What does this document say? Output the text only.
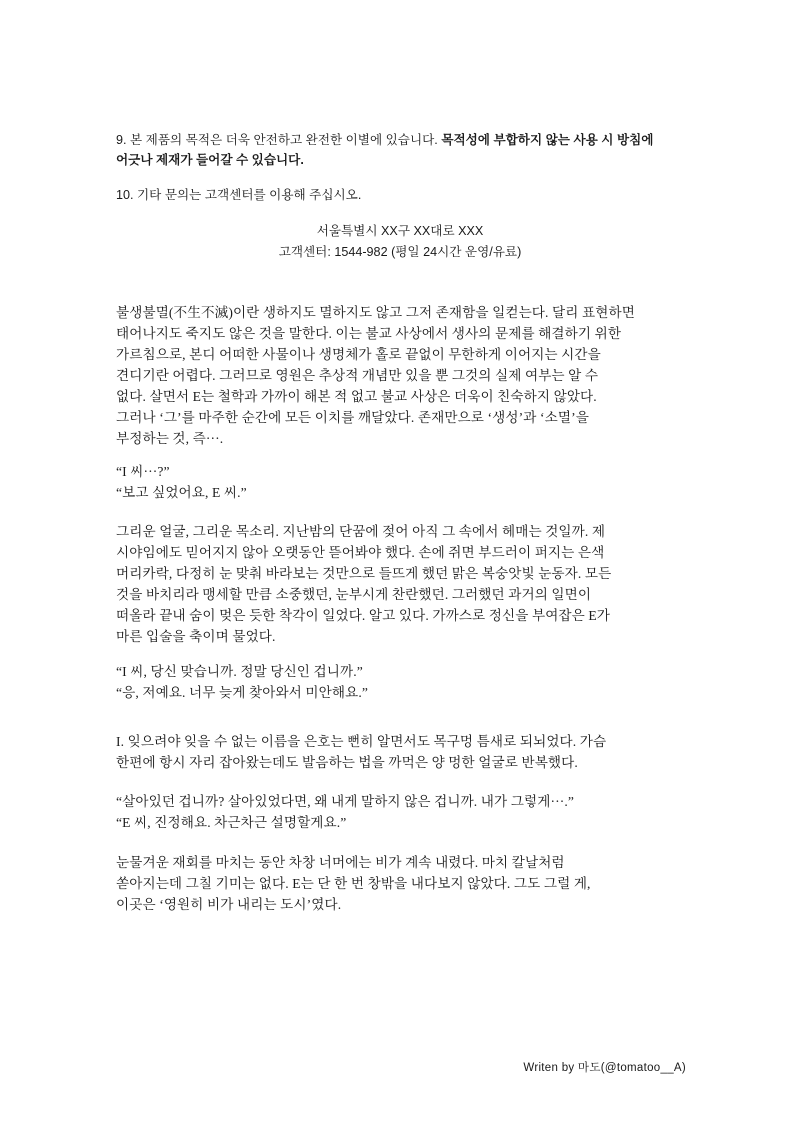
9. 본 제품의 목적은 더욱 안전하고 완전한 이별에 있습니다. 목적성에 부합하지 않는 사용 시 방침에
어긋나 제재가 들어갈 수 있습니다.

10. 기타 문의는 고객센터를 이용해 주십시오.

서울특별시 XX구 XX대로 XXX
고객센터: 1544-982 (평일 24시간 운영/유료)
불생불멸(不生不滅)이란 생하지도 멸하지도 않고 그저 존재함을 일컫는다. 달리 표현하면
태어나지도 죽지도 않은 것을 말한다. 이는 불교 사상에서 생사의 문제를 해결하기 위한
가르침으로, 본디 어떠한 사물이나 생명체가 홀로 끝없이 무한하게 이어지는 시간을
견디기란 어렵다. 그러므로 영원은 추상적 개념만 있을 뿐 그것의 실제 여부는 알 수
없다. 살면서 E는 철학과 가까이 해본 적 없고 불교 사상은 더욱이 친숙하지 않았다.
그러나 ‘그’를 마주한 순간에 모든 이치를 깨달았다. 존재만으로 ‘생성’과 ‘소멸’을
부정하는 것, 즉···.
“I 씨···?”
“보고 싶었어요, E 씨.”
그리운 얼굴, 그리운 목소리. 지난밤의 단꿈에 젖어 아직 그 속에서 헤매는 것일까. 제
시야임에도 믿어지지 않아 오랫동안 뜯어봐야 했다. 손에 쥐면 부드러이 퍼지는 은색
머리카락, 다정히 눈 맞춰 바라보는 것만으로 들뜨게 했던 맑은 복숭앗빛 눈동자. 모든
것을 바치리라 맹세할 만큼 소중했던, 눈부시게 찬란했던. 그러했던 과거의 일면이
떠올라 끝내 숨이 멎은 듯한 착각이 일었다. 알고 있다. 가까스로 정신을 부여잡은 E가
마른 입술을 축이며 물었다.
“I 씨, 당신 맞습니까. 정말 당신인 겁니까.”
“응, 저예요. 너무 늦게 찾아와서 미안해요.”
I. 잊으려야 잊을 수 없는 이름을 은호는 뻔히 알면서도 목구멍 틈새로 되뇌었다. 가슴
한편에 항시 자리 잡아왔는데도 발음하는 법을 까먹은 양 멍한 얼굴로 반복했다.
“살아있던 겁니까? 살아있었다면, 왜 내게 말하지 않은 겁니까. 내가 그렇게···.”
“E 씨, 진정해요. 차근차근 설명할게요.”
눈물겨운 재회를 마치는 동안 차창 너머에는 비가 계속 내렸다. 마치 칼날처럼
쏟아지는데 그칠 기미는 없다. E는 단 한 번 창밖을 내다보지 않았다. 그도 그럴 게,
이곳은 ‘영원히 비가 내리는 도시’였다.
Writen by 마도(@tomatoo__A)
